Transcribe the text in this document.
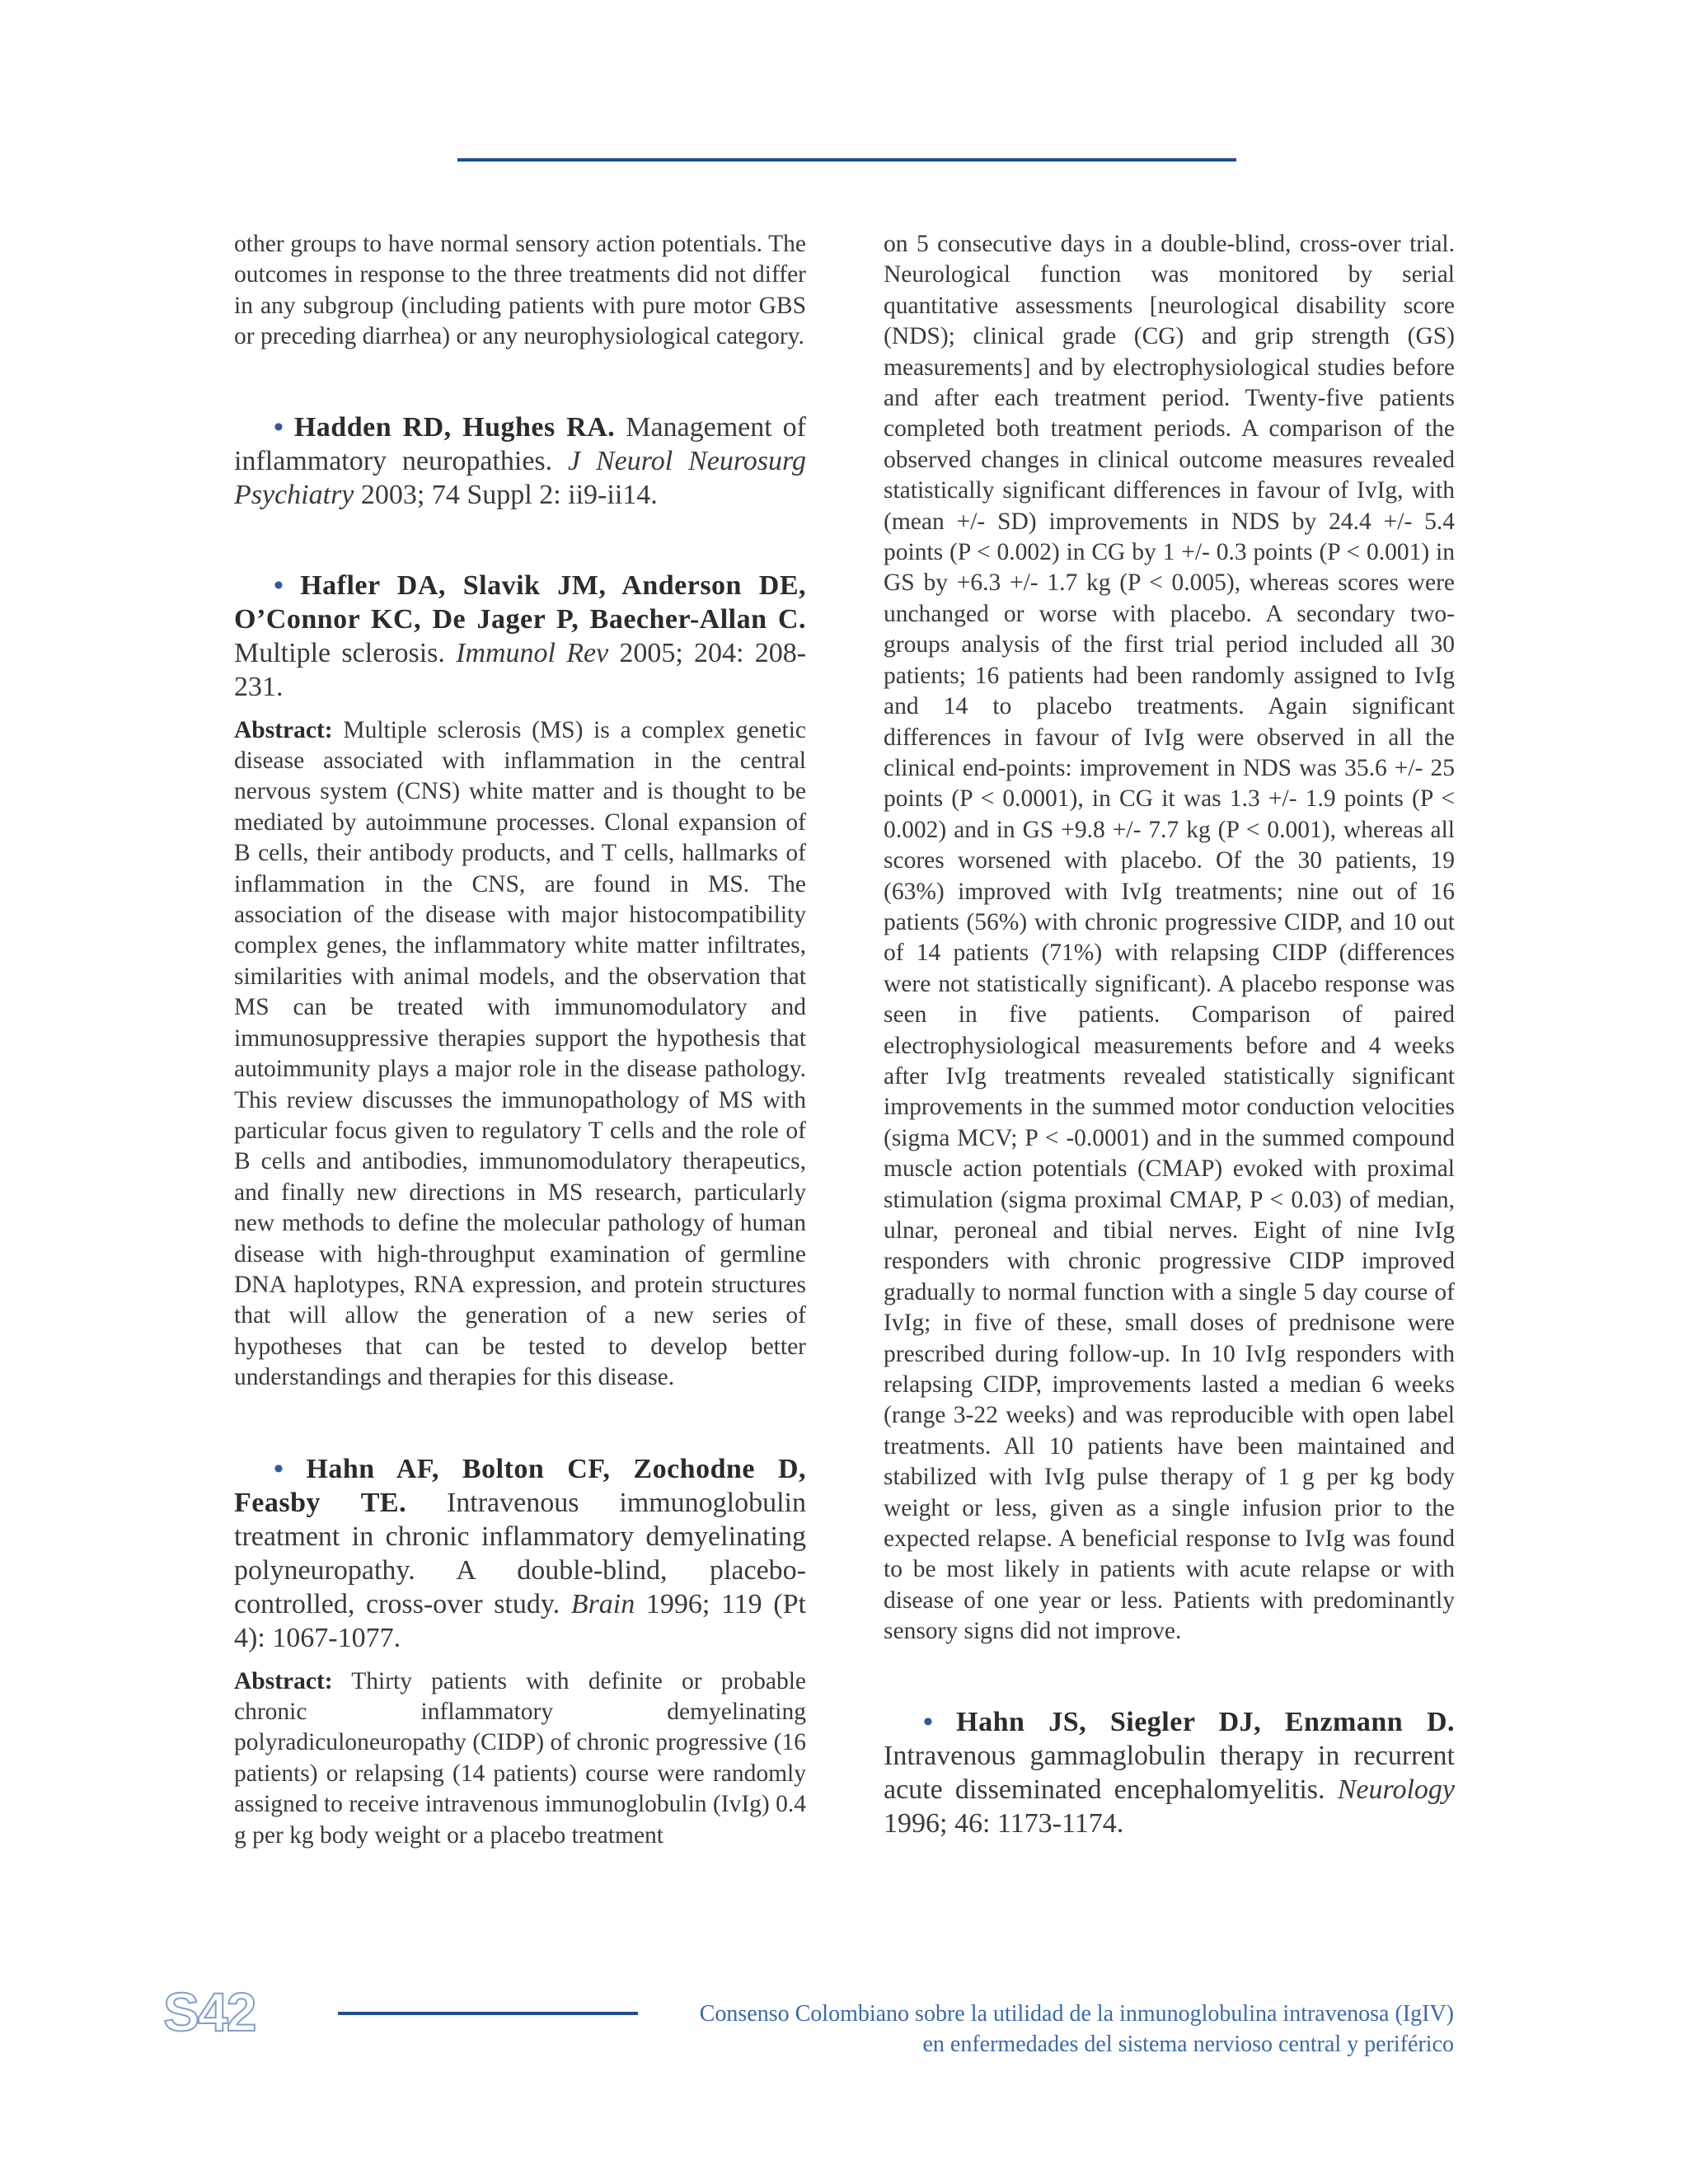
other groups to have normal sensory action potentials. The outcomes in response to the three treatments did not differ in any subgroup (including patients with pure motor GBS or preceding diarrhea) or any neurophysiological category.

• Hadden RD, Hughes RA. Management of inflammatory neuropathies. J Neurol Neurosurg Psychiatry 2003; 74 Suppl 2: ii9-ii14.

• Hafler DA, Slavik JM, Anderson DE, O’Connor KC, De Jager P, Baecher-Allan C. Multiple sclerosis. Immunol Rev 2005; 204: 208-231.

Abstract: Multiple sclerosis (MS) is a complex genetic disease associated with inflammation in the central nervous system (CNS) white matter and is thought to be mediated by autoimmune processes. Clonal expansion of B cells, their antibody products, and T cells, hallmarks of inflammation in the CNS, are found in MS. The association of the disease with major histocompatibility complex genes, the inflammatory white matter infiltrates, similarities with animal models, and the observation that MS can be treated with immunomodulatory and immunosuppressive therapies support the hypothesis that autoimmunity plays a major role in the disease pathology. This review discusses the immunopathology of MS with particular focus given to regulatory T cells and the role of B cells and antibodies, immunomodulatory therapeutics, and finally new directions in MS research, particularly new methods to define the molecular pathology of human disease with high-throughput examination of germline DNA haplotypes, RNA expression, and protein structures that will allow the generation of a new series of hypotheses that can be tested to develop better understandings and therapies for this disease.

• Hahn AF, Bolton CF, Zochodne D, Feasby TE. Intravenous immunoglobulin treatment in chronic inflammatory demyelinating polyneuropathy. A double-blind, placebo-controlled, cross-over study. Brain 1996; 119 (Pt 4): 1067-1077.

Abstract: Thirty patients with definite or probable chronic inflammatory demyelinating polyradiculoneuropathy (CIDP) of chronic progressive (16 patients) or relapsing (14 patients) course were randomly assigned to receive intravenous immunoglobulin (IvIg) 0.4 g per kg body weight or a placebo treatment

on 5 consecutive days in a double-blind, cross-over trial. Neurological function was monitored by serial quantitative assessments [neurological disability score (NDS); clinical grade (CG) and grip strength (GS) measurements] and by electrophysiological studies before and after each treatment period. Twenty-five patients completed both treatment periods. A comparison of the observed changes in clinical outcome measures revealed statistically significant differences in favour of IvIg, with (mean +/- SD) improvements in NDS by 24.4 +/- 5.4 points (P < 0.002) in CG by 1 +/- 0.3 points (P < 0.001) in GS by +6.3 +/- 1.7 kg (P < 0.005), whereas scores were unchanged or worse with placebo. A secondary two-groups analysis of the first trial period included all 30 patients; 16 patients had been randomly assigned to IvIg and 14 to placebo treatments. Again significant differences in favour of IvIg were observed in all the clinical end-points: improvement in NDS was 35.6 +/- 25 points (P < 0.0001), in CG it was 1.3 +/- 1.9 points (P < 0.002) and in GS +9.8 +/- 7.7 kg (P < 0.001), whereas all scores worsened with placebo. Of the 30 patients, 19 (63%) improved with IvIg treatments; nine out of 16 patients (56%) with chronic progressive CIDP, and 10 out of 14 patients (71%) with relapsing CIDP (differences were not statistically significant). A placebo response was seen in five patients. Comparison of paired electrophysiological measurements before and 4 weeks after IvIg treatments revealed statistically significant improvements in the summed motor conduction velocities (sigma MCV; P < -0.0001) and in the summed compound muscle action potentials (CMAP) evoked with proximal stimulation (sigma proximal CMAP, P < 0.03) of median, ulnar, peroneal and tibial nerves. Eight of nine IvIg responders with chronic progressive CIDP improved gradually to normal function with a single 5 day course of IvIg; in five of these, small doses of prednisone were prescribed during follow-up. In 10 IvIg responders with relapsing CIDP, improvements lasted a median 6 weeks (range 3-22 weeks) and was reproducible with open label treatments. All 10 patients have been maintained and stabilized with IvIg pulse therapy of 1 g per kg body weight or less, given as a single infusion prior to the expected relapse. A beneficial response to IvIg was found to be most likely in patients with acute relapse or with disease of one year or less. Patients with predominantly sensory signs did not improve.

• Hahn JS, Siegler DJ, Enzmann D. Intravenous gammaglobulin therapy in recurrent acute disseminated encephalomyelitis. Neurology 1996; 46: 1173-1174.

S42	Consenso Colombiano sobre la utilidad de la inmunoglobulina intravenosa (IgIV)
en enfermedades del sistema nervioso central y periférico
